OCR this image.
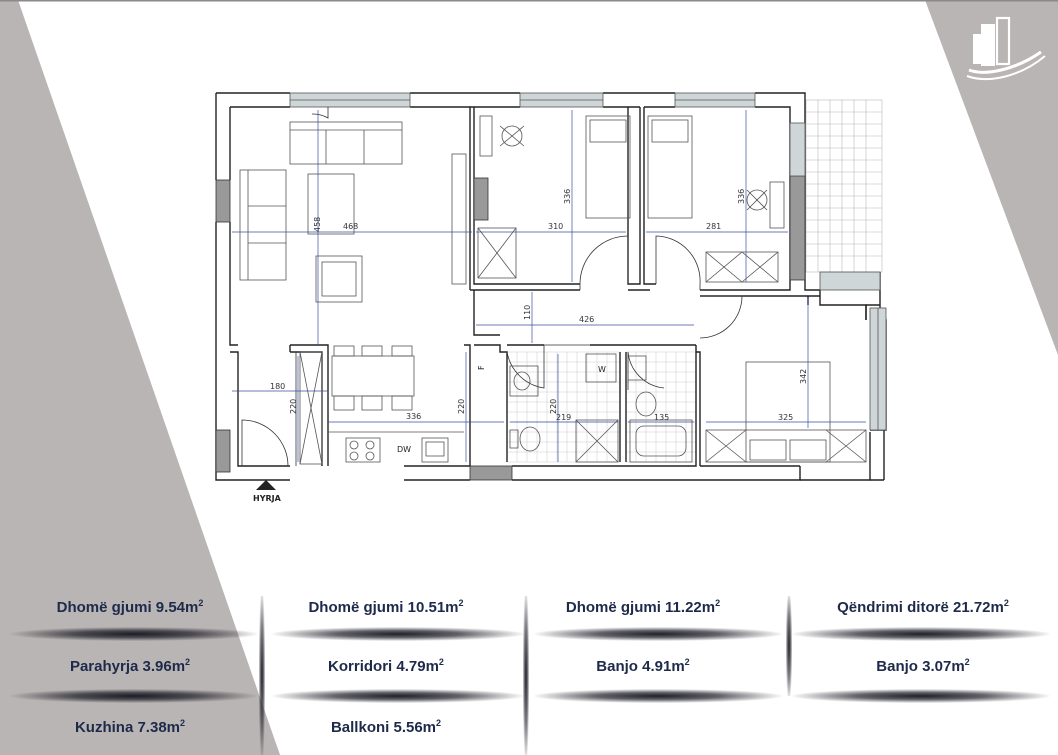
468
458	310
336
281
336
110	426
180
220
336
220	220
219	135	325
342
DW
W
F
HYRJA
Dhomë gjumi $9.54m^2$	Dhomë gjumi $10.51m^2$	Dhomë gjumi $11.22m^2$	Qëndrimi ditorë $21.72m^2$
Parahyrja $3.96m^2$	Korridori $4.79m^2$	Banjo $4.91m^2$	Banjo $3.07m^2$
Kuzhina $7.38m^2$	Ballkoni $5.56m^2$
